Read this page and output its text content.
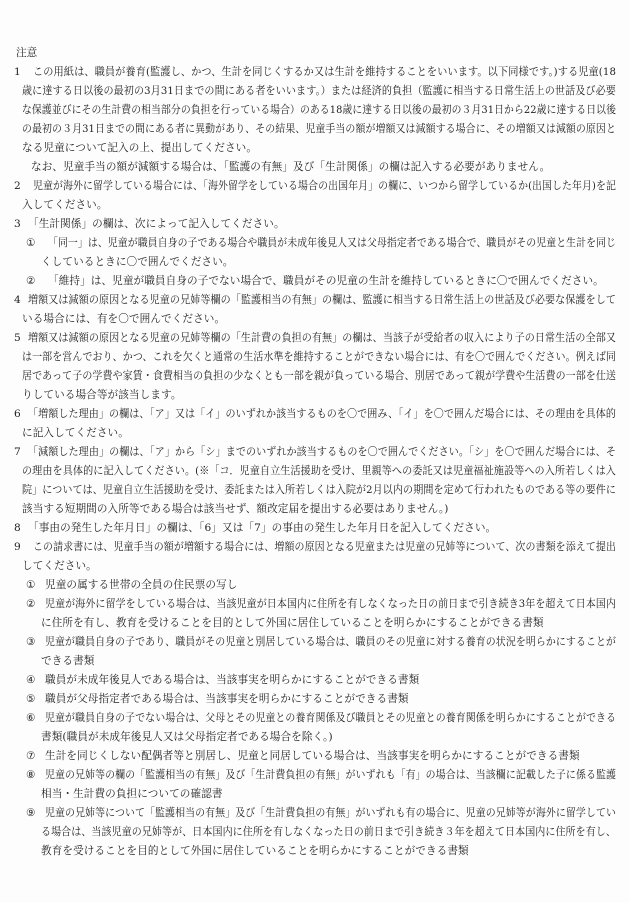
注意
1 この用紙は、職員が養育(監護し、かつ、生計を同じくするか又は生計を維持することをいいます。以下同様です。)する児童(18
歳に達する日以後の最初の3月31日までの間にある者をいいます。）または経済的負担（監護に相当する日常生活上の世話及び必要
な保護並びにその生計費の相当部分の負担を行っている場合）のある18歳に達する日以後の最初の３月31日から22歳に達する日以後
の最初の３月31日までの間にある者に異動があり、その結果、児童手当の額が増額又は減額する場合に、その増額又は減額の原因と
なる児童について記入の上、提出してください。
なお、児童手当の額が減額する場合は、「監護の有無」及び「生計関係」の欄は記入する必要がありません。
2 児童が海外に留学している場合には、「海外留学をしている場合の出国年月」の欄に、いつから留学しているか(出国した年月)を記
入してください。
3 「生計関係」の欄は、次によって記入してください。
① 「同一」は、児童が職員自身の子である場合や職員が未成年後見人又は父母指定者である場合で、職員がその児童と生計を同じ
くしているときに〇で囲んでください。
② 「維持」は、児童が職員自身の子でない場合で、職員がその児童の生計を維持しているときに〇で囲んでください。
4 増額又は減額の原因となる児童の兄姉等欄の「監護相当の有無」の欄は、監護に相当する日常生活上の世話及び必要な保護をして
いる場合には、有を〇で囲んでください。
5 増額又は減額の原因となる児童の兄姉等欄の「生計費の負担の有無」の欄は、当該子が受給者の収入により子の日常生活の全部又
は一部を営んでおり、かつ、これを欠くと通常の生活水準を維持することができない場合には、有を〇で囲んでください。例えば同
居であって子の学費や家賃・食費相当の負担の少なくとも一部を親が負っている場合、別居であって親が学費や生活費の一部を仕送
りしている場合等が該当します。
6 「増額した理由」の欄は、「ア」又は「イ」のいずれか該当するものを〇で囲み、「イ」を〇で囲んだ場合には、その理由を具体的
に記入してください。
7 「減額した理由」の欄は、「ア」から「シ」までのいずれか該当するものを〇で囲んでください。「シ」を〇で囲んだ場合には、そ
の理由を具体的に記入してください。(※「コ．児童自立生活援助を受け、里親等への委託又は児童福祉施設等への入所若しくは入
院」については、児童自立生活援助を受け、委託または入所若しくは入院が2月以内の期間を定めて行われたものである等の要件に
該当する短期間の入所等である場合は該当せず、額改定届を提出する必要はありません。)
8 「事由の発生した年月日」の欄は、「6」又は「7」の事由の発生した年月日を記入してください。
9 この請求書には、児童手当の額が増額する場合には、増額の原因となる児童または児童の兄姉等について、次の書類を添えて提出
してください。
① 児童の属する世帯の全員の住民票の写し
② 児童が海外に留学をしている場合は、当該児童が日本国内に住所を有しなくなった日の前日まで引き続き3年を超えて日本国内
に住所を有し、教育を受けることを目的として外国に居住していることを明らかにすることができる書類
③ 児童が職員自身の子であり、職員がその児童と別居している場合は、職員のその児童に対する養育の状況を明らかにすることが
できる書類
④ 職員が未成年後見人である場合は、当該事実を明らかにすることができる書類
⑤ 職員が父母指定者である場合は、当該事実を明らかにすることができる書類
⑥ 児童が職員自身の子でない場合は、父母とその児童との養育関係及び職員とその児童との養育関係を明らかにすることができる
書類(職員が未成年後見人又は父母指定者である場合を除く。)
⑦ 生計を同じくしない配偶者等と別居し、児童と同居している場合は、当該事実を明らかにすることができる書類
⑧ 児童の兄姉等の欄の「監護相当の有無」及び「生計費負担の有無」がいずれも「有」の場合は、当該欄に記載した子に係る監護
相当・生計費の負担についての確認書
⑨ 児童の兄姉等について「監護相当の有無」及び「生計費負担の有無」がいずれも有の場合に、児童の兄姉等が海外に留学してい
る場合は、当該児童の兄姉等が、日本国内に住所を有しなくなった日の前日まで引き続き３年を超えて日本国内に住所を有し、
教育を受けることを目的として外国に居住していることを明らかにすることができる書類
